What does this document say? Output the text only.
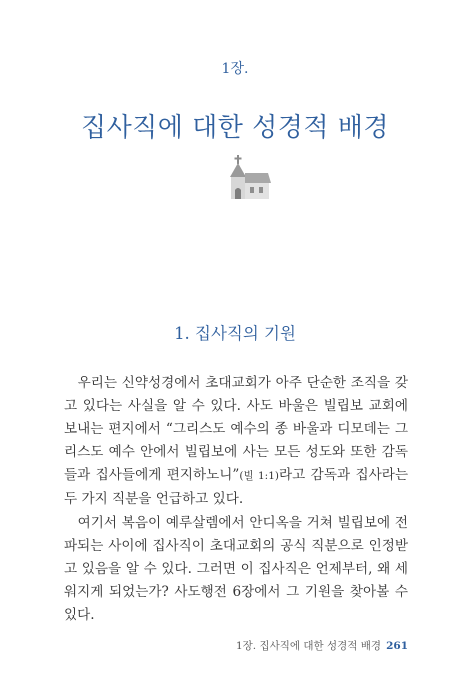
1장.
집사직에 대한 성경적 배경
1. 집사직의 기원

우리는 신약성경에서 초대교회가 아주 단순한 조직을 갖고 있다는 사실을 알 수 있다. 사도 바울은 빌립보 교회에 보내는 편지에서 “그리스도 예수의 종 바울과 디모데는 그리스도 예수 안에서 빌립보에 사는 모든 성도와 또한 감독들과 집사들에게 편지하노니”(빌 1:1)라고 감독과 집사라는 두 가지 직분을 언급하고 있다.

여기서 복음이 예루살렘에서 안디옥을 거쳐 빌립보에 전파되는 사이에 집사직이 초대교회의 공식 직분으로 인정받고 있음을 알 수 있다. 그러면 이 집사직은 언제부터, 왜 세워지게 되었는가? 사도행전 6장에서 그 기원을 찾아볼 수 있다.

1장. 집사직에 대한 성경적 배경 261
